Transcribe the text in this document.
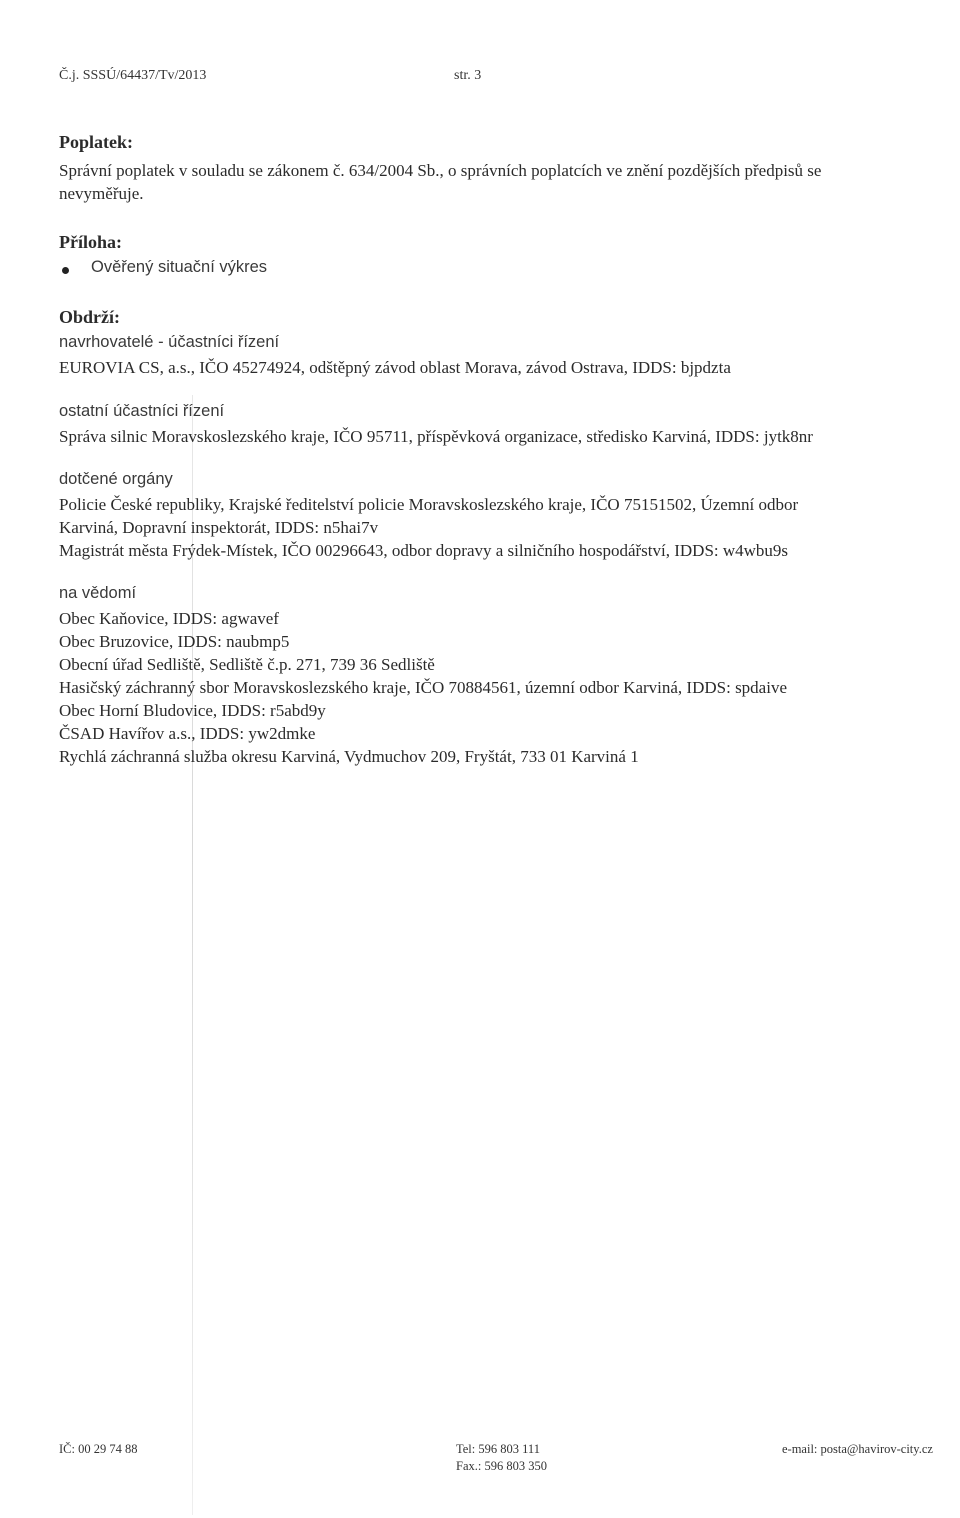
Č.j. SSSÚ/64437/Tv/2013	str. 3
Poplatek:
Správní poplatek v souladu se zákonem č. 634/2004 Sb., o správních poplatcích ve znění pozdějších předpisů se
nevyměřuje.
Příloha:
Ověřený situační výkres
Obdrží:
navrhovatelé - účastníci řízení
EUROVIA CS, a.s., IČO 45274924, odštěpný závod oblast Morava, závod Ostrava, IDDS: bjpdzta
ostatní účastníci řízení
Správa silnic Moravskoslezského kraje, IČO 95711, příspěvková organizace, středisko Karviná, IDDS: jytk8nr
dotčené orgány
Policie České republiky, Krajské ředitelství policie Moravskoslezského kraje, IČO 75151502, Územní odbor
Karviná, Dopravní inspektorát, IDDS: n5hai7v
Magistrát města Frýdek-Místek, IČO 00296643, odbor dopravy a silničního hospodářství, IDDS: w4wbu9s
na vědomí
Obec Kaňovice, IDDS: agwavef
Obec Bruzovice, IDDS: naubmp5
Obecní úřad Sedliště, Sedliště č.p. 271, 739 36 Sedliště
Hasičský záchranný sbor Moravskoslezského kraje, IČO 70884561, územní odbor Karviná, IDDS: spdaive
Obec Horní Bludovice, IDDS: r5abd9y
ČSAD Havířov a.s., IDDS: yw2dmke
Rychlá záchranná služba okresu Karviná, Vydmuchov 209, Fryštát, 733 01 Karviná 1
IČ: 00 29 74 88	Tel: 596 803 111
Fax.: 596 803 350
e-mail: posta@havirov-city.cz
